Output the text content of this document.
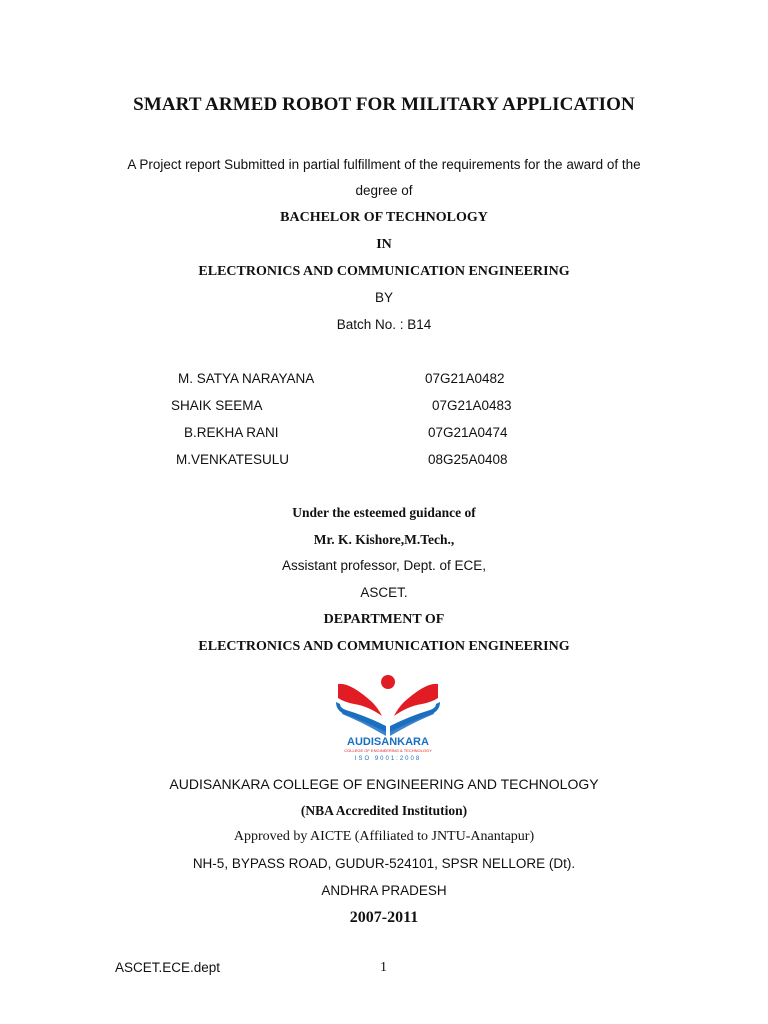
SMART ARMED ROBOT FOR MILITARY APPLICATION
A Project report Submitted in partial fulfillment of the requirements for the award of the
degree of
BACHELOR OF TECHNOLOGY
IN
ELECTRONICS AND COMMUNICATION ENGINEERING
BY
Batch No. : B14
M. SATYA NARAYANA	07G21A0482
SHAIK SEEMA	07G21A0483
B.REKHA RANI	07G21A0474
M.VENKATESULU	08G25A0408
Under the esteemed guidance of
Mr. K. Kishore,M.Tech.,
Assistant professor, Dept. of ECE,
ASCET.
DEPARTMENT OF
ELECTRONICS AND COMMUNICATION ENGINEERING
AUDISANKARA
COLLEGE OF ENGINEERING & TECHNOLOGY
ISO 9001:2008
AUDISANKARA COLLEGE OF ENGINEERING AND TECHNOLOGY
(NBA Accredited Institution)
Approved by AICTE (Affiliated to JNTU-Anantapur)
NH-5, BYPASS ROAD, GUDUR-524101, SPSR NELLORE (Dt).
ANDHRA PRADESH
2007-2011
ASCET.ECE.dept	1
